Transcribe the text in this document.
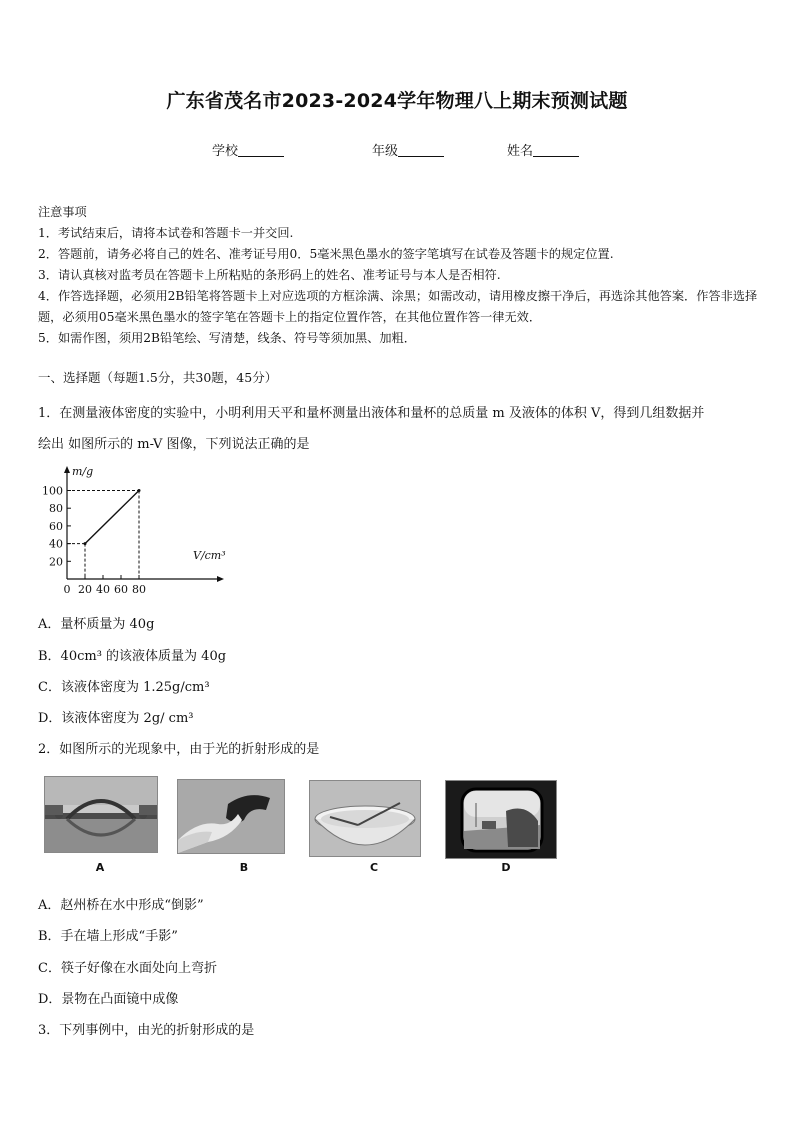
广东省茂名市2023-2024学年物理八上期末预测试题
学校	年级	姓名
注意事项
1．考试结束后，请将本试卷和答题卡一并交回.
2．答题前，请务必将自己的姓名、准考证号用0．5毫米黑色墨水的签字笔填写在试卷及答题卡的规定位置.
3．请认真核对监考员在答题卡上所粘贴的条形码上的姓名、准考证号与本人是否相符.
4．作答选择题，必须用2B铅笔将答题卡上对应选项的方框涂满、涂黑；如需改动，请用橡皮擦干净后，再选涂其他答案．作答非选择题，必须用05毫米黑色墨水的签字笔在答题卡上的指定位置作答，在其他位置作答一律无效．
5．如需作图，须用2B铅笔绘、写清楚，线条、符号等须加黑、加粗．
一、选择题（每题1.5分，共30题，45分）
1．在测量液体密度的实验中，小明利用天平和量杯测量出液体和量杯的总质量 m 及液体的体积 V，得到几组数据并
绘出 如图所示的 m-V 图像，下列说法正确的是
0 20 40 60 80
20
40
60
80
100
m/g
V/cm³
A．量杯质量为 40g
B．40cm³ 的该液体质量为 40g
C．该液体密度为 1.25g/cm³
D．该液体密度为 2g/ cm³
2．如图所示的光现象中，由于光的折射形成的是
A	B	C	D
A．赵州桥在水中形成“倒影”
B．手在墙上形成“手影”
C．筷子好像在水面处向上弯折
D．景物在凸面镜中成像
3．下列事例中，由光的折射形成的是
